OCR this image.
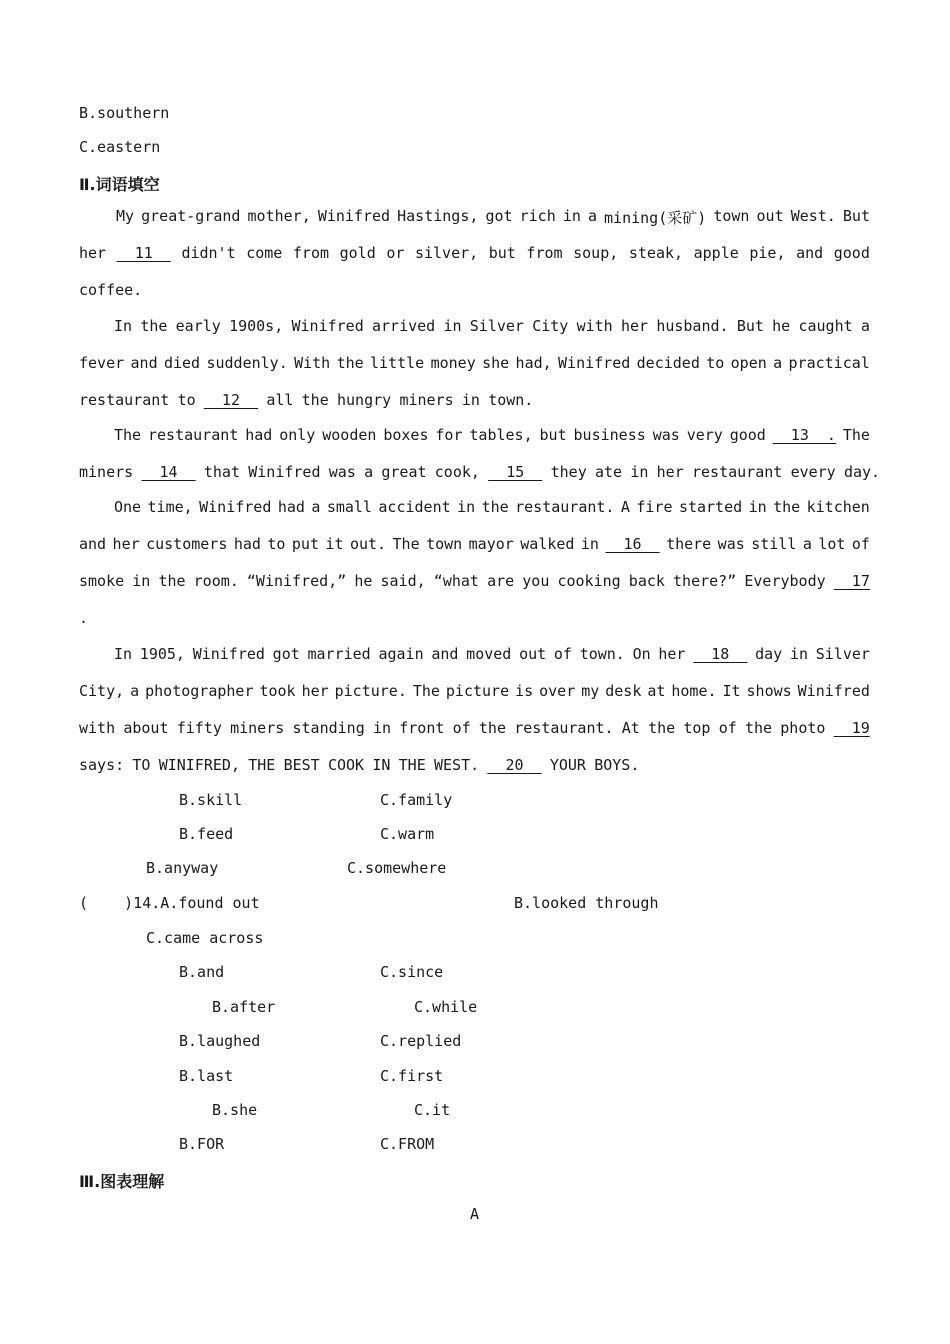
B.southern
C.eastern
Ⅱ.词语填空
My great-grand mother, Winifred Hastings, got rich in a mining(采矿) town out West. But
her 11 didn't come from gold or silver, but from soup, steak, apple pie, and good
coffee.
In the early 1900s, Winifred arrived in Silver City with her husband. But he caught a
fever and died suddenly. With the little money she had, Winifred decided to open a practical
restaurant to 12 all the hungry miners in town.
The restaurant had only wooden boxes for tables, but business was very good 13  . The
miners 14 that Winifred was a great cook, 15 they ate in her restaurant every day.
One time, Winifred had a small accident in the restaurant. A fire started in the kitchen
and her customers had to put it out. The town mayor walked in 16 there was still a lot of
smoke in the room. “Winifred,” he said, “what are you cooking back there?” Everybody 17
.
In 1905, Winifred got married again and moved out of town. On her 18 day in Silver
City, a photographer took her picture. The picture is over my desk at home. It shows Winifred
with about fifty miners standing in front of the restaurant. At the top of the photo 19
says: TO WINIFRED, THE BEST COOK IN THE WEST. 20 YOUR BOYS.
B.skill	C.family
B.feed	C.warm
B.anyway	C.somewhere
(    )14.A.found out	B.looked through
C.came across
B.and	C.since
B.after	C.while
B.laughed	C.replied
B.last	C.first
B.she	C.it
B.FOR	C.FROM
Ⅲ.图表理解
A
